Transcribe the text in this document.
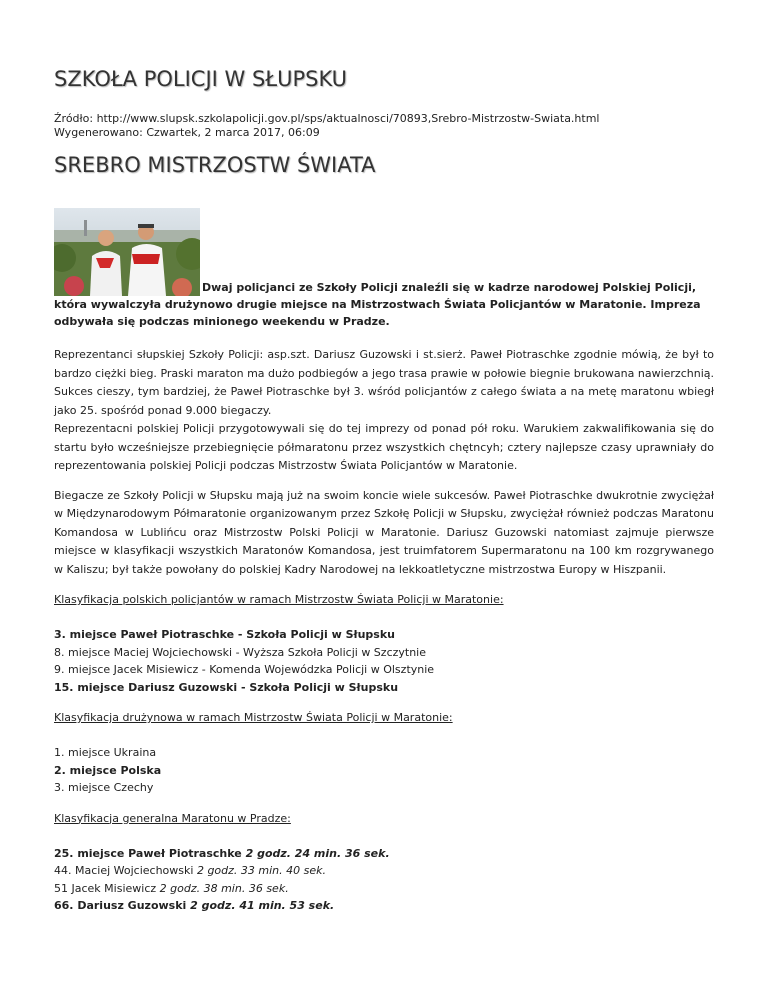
SZKOŁA POLICJI W SŁUPSKU
Źródło: http://www.slupsk.szkolapolicji.gov.pl/sps/aktualnosci/70893,Srebro-Mistrzostw-Swiata.html
Wygenerowano: Czwartek, 2 marca 2017, 06:09
SREBRO MISTRZOSTW ŚWIATA
Dwaj policjanci ze Szkoły Policji znaleźli się w kadrze narodowej Polskiej Policji, która wywalczyła drużynowo drugie miejsce na Mistrzostwach Świata Policjantów w Maratonie. Impreza odbywała się podczas minionego weekendu w Pradze.

Reprezentanci słupskiej Szkoły Policji: asp.szt. Dariusz Guzowski i st.sierż. Paweł Piotraschke zgodnie mówią, że był to bardzo ciężki bieg. Praski maraton ma dużo podbiegów a jego trasa prawie w połowie biegnie brukowana nawierzchnią. Sukces cieszy, tym bardziej, że Paweł Piotraschke był 3. wśród policjantów z całego świata a na metę maratonu wbiegł jako 25. spośród ponad 9.000 biegaczy.

Reprezentacni polskiej Policji przygotowywali się do tej imprezy od ponad pół roku. Warukiem zakwalifikowania się do startu było wcześniejsze przebiegnięcie półmaratonu przez wszystkich chętncyh; cztery najlepsze czasy uprawniały do reprezentowania polskiej Policji podczas Mistrzostw Świata Policjantów w Maratonie.

Biegacze ze Szkoły Policji w Słupsku mają już na swoim koncie wiele sukcesów. Paweł Piotraschke dwukrotnie zwyciężał w Międzynarodowym Półmaratonie organizowanym przez Szkołę Policji w Słupsku, zwyciężał również podczas Maratonu Komandosa w Lublińcu oraz Mistrzostw Polski Policji w Maratonie. Dariusz Guzowski natomiast zajmuje pierwsze miejsce w klasyfikacji wszystkich Maratonów Komandosa, jest truimfatorem Supermaratonu na 100 km rozgrywanego w Kaliszu; był także powołany do polskiej Kadry Narodowej na lekkoatletyczne mistrzostwa Europy w Hiszpanii.

Klasyfikacja polskich policjantów w ramach Mistrzostw Świata Policji w Maratonie:
3. miejsce Paweł Piotraschke - Szkoła Policji w Słupsku
8. miejsce Maciej Wojciechowski - Wyższa Szkoła Policji w Szczytnie
9. miejsce Jacek Misiewicz - Komenda Wojewódzka Policji w Olsztynie
15. miejsce Dariusz Guzowski - Szkoła Policji w Słupsku
Klasyfikacja drużynowa w ramach Mistrzostw Świata Policji w Maratonie:
1. miejsce Ukraina
2. miejsce Polska
3. miejsce Czechy
Klasyfikacja generalna Maratonu w Pradze:
25. miejsce Paweł Piotraschke 2 godz. 24 min. 36 sek.
44. Maciej Wojciechowski 2 godz. 33 min. 40 sek.
51 Jacek Misiewicz 2 godz. 38 min. 36 sek.
66. Dariusz Guzowski 2 godz. 41 min. 53 sek.
